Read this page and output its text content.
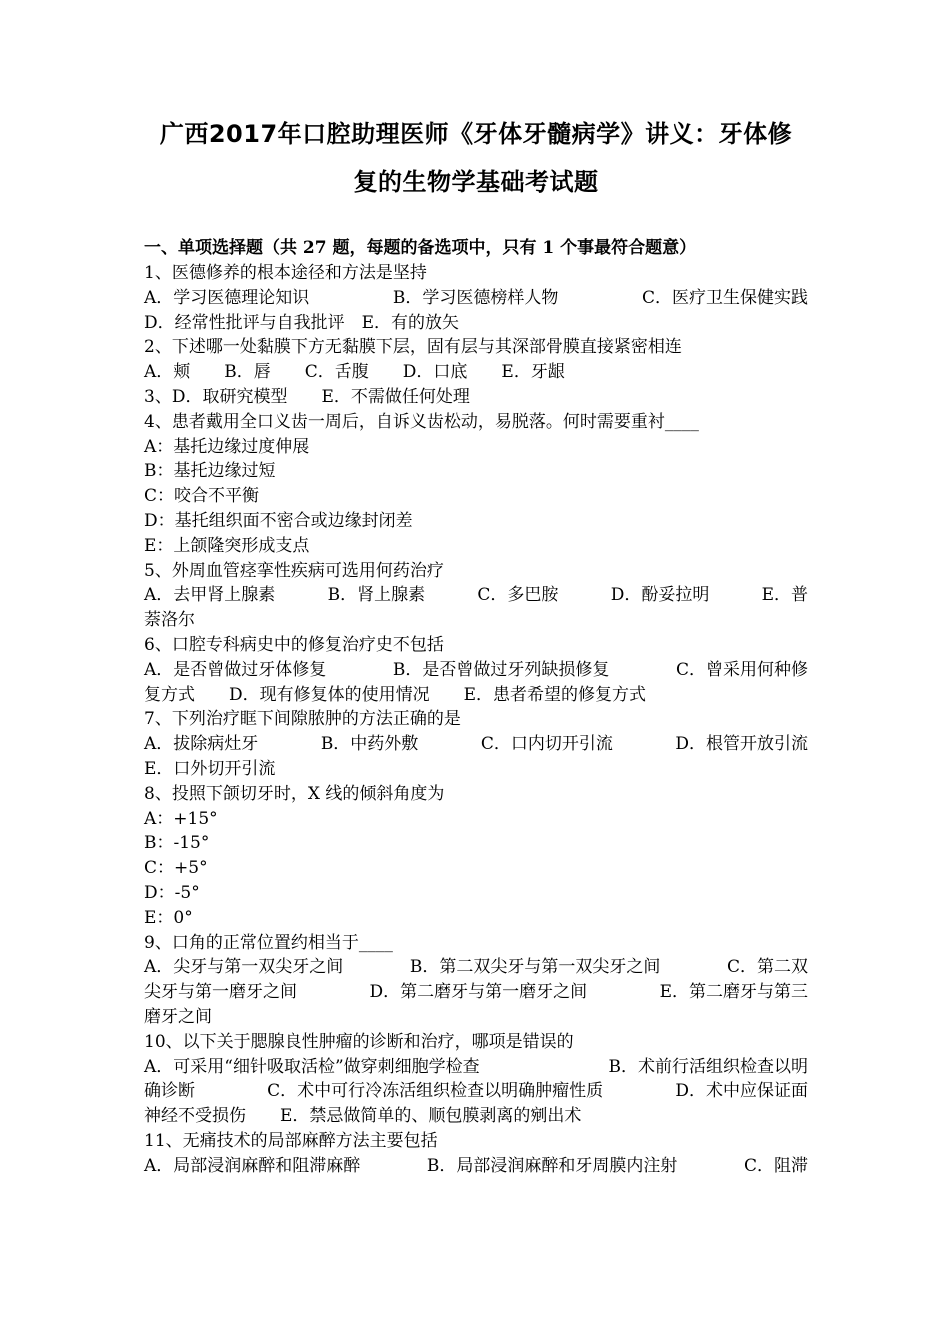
广西2017年口腔助理医师《牙体牙髓病学》讲义：牙体修
复的生物学基础考试题
一、单项选择题（共 27 题，每题的备选项中，只有 1 个事最符合题意）
1、医德修养的根本途径和方法是坚持
A．学习医德理论知识	B．学习医德榜样人物	C．医疗卫生保健实践
D．经常性批评与自我批评　E．有的放矢
2、下述哪一处黏膜下方无黏膜下层，固有层与其深部骨膜直接紧密相连
A．颊　　B．唇　　C．舌腹　　D．口底　　E．牙龈
3、D．取研究模型　　E．不需做任何处理
4、患者戴用全口义齿一周后，自诉义齿松动，易脱落。何时需要重衬____
A：基托边缘过度伸展
B：基托边缘过短
C：咬合不平衡
D：基托组织面不密合或边缘封闭差
E：上颌隆突形成支点
5、外周血管痉挛性疾病可选用何药治疗
A．去甲肾上腺素	B．肾上腺素	C．多巴胺	D．酚妥拉明	E．普
萘洛尔
6、口腔专科病史中的修复治疗史不包括
A．是否曾做过牙体修复	B．是否曾做过牙列缺损修复	C．曾采用何种修
复方式　　D．现有修复体的使用情况　　E．患者希望的修复方式
7、下列治疗眶下间隙脓肿的方法正确的是
A．拔除病灶牙	B．中药外敷	C．口内切开引流	D．根管开放引流
E．口外切开引流
8、投照下颌切牙时，X 线的倾斜角度为
A：+15°
B：-15°
C：+5°
D：-5°
E：0°
9、口角的正常位置约相当于____
A．尖牙与第一双尖牙之间	B．第二双尖牙与第一双尖牙之间	C．第二双
尖牙与第一磨牙之间	D．第二磨牙与第一磨牙之间	E．第二磨牙与第三
磨牙之间
10、以下关于腮腺良性肿瘤的诊断和治疗，哪项是错误的
A．可采用“细针吸取活检”做穿刺细胞学检查	B．术前行活组织检查以明
确诊断	C．术中可行冷冻活组织检查以明确肿瘤性质	D．术中应保证面
神经不受损伤　　E．禁忌做简单的、顺包膜剥离的剜出术
11、无痛技术的局部麻醉方法主要包括
A．局部浸润麻醉和阻滞麻醉	B．局部浸润麻醉和牙周膜内注射	C．阻滞
